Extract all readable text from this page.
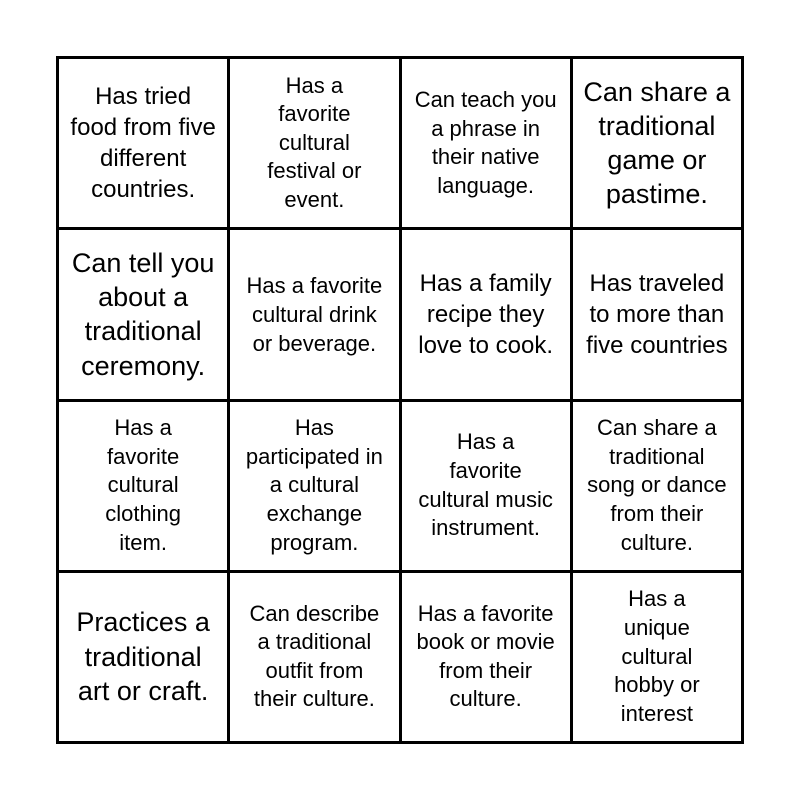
Has tried food from five different countries.
Has a favorite cultural festival or event.
Can teach you a phrase in their native language.
Can share a traditional game or pastime.
Can tell you about a traditional ceremony.
Has a favorite cultural drink or beverage.
Has a family recipe they love to cook.
Has traveled to more than five countries
Has a favorite cultural clothing item.
Has participated in a cultural exchange program.
Has a favorite cultural music instrument.
Can share a traditional song or dance from their culture.
Practices a traditional art or craft.
Can describe a traditional outfit from their culture.
Has a favorite book or movie from their culture.
Has a unique cultural hobby or interest
